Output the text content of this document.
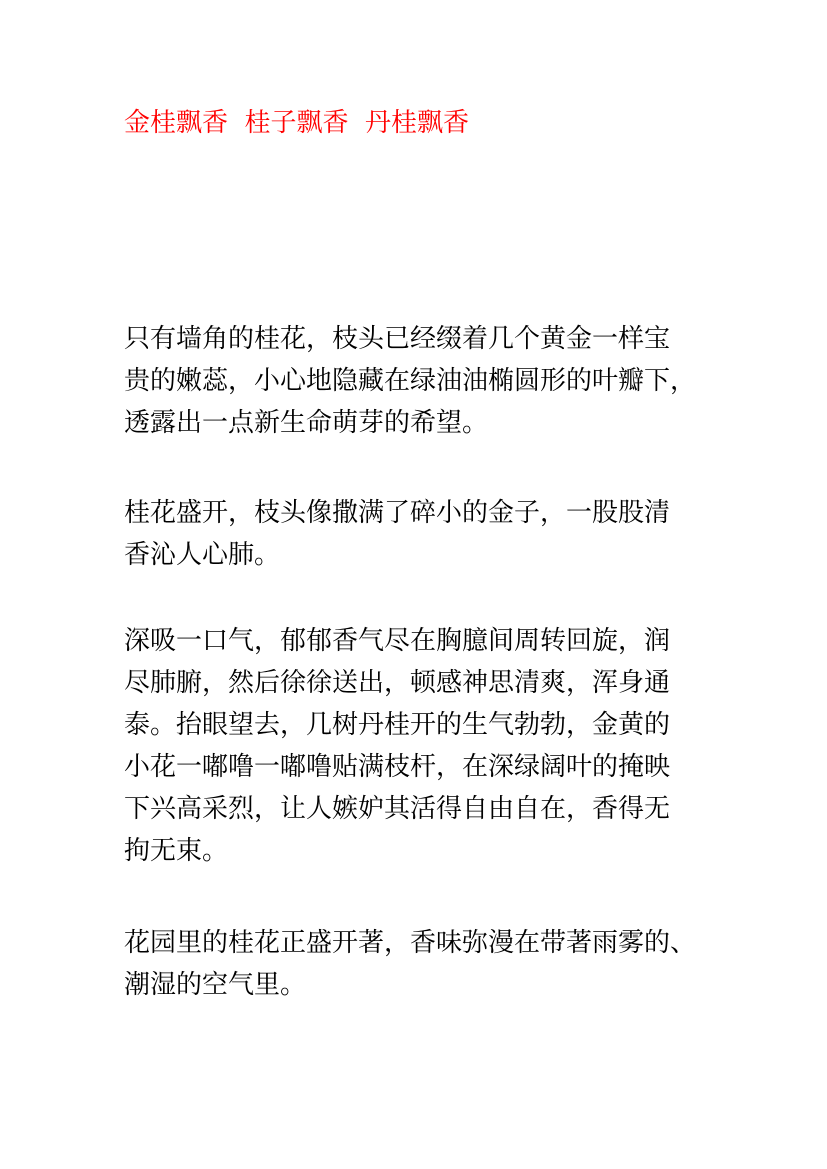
金桂飘香  桂子飘香  丹桂飘香
只有墙角的桂花，枝头已经缀着几个黄金一样宝
贵的嫩蕊，小心地隐藏在绿油油椭圆形的叶瓣下，
透露出一点新生命萌芽的希望。
桂花盛开，枝头像撒满了碎小的金子，一股股清
香沁人心肺。
深吸一口气，郁郁香气尽在胸臆间周转回旋，润
尽肺腑，然后徐徐送出，顿感神思清爽，浑身通
泰。抬眼望去，几树丹桂开的生气勃勃，金黄的
小花一嘟噜一嘟噜贴满枝杆，在深绿阔叶的掩映
下兴高采烈，让人嫉妒其活得自由自在，香得无
拘无束。
花园里的桂花正盛开著，香味弥漫在带著雨雾的、
潮湿的空气里。
